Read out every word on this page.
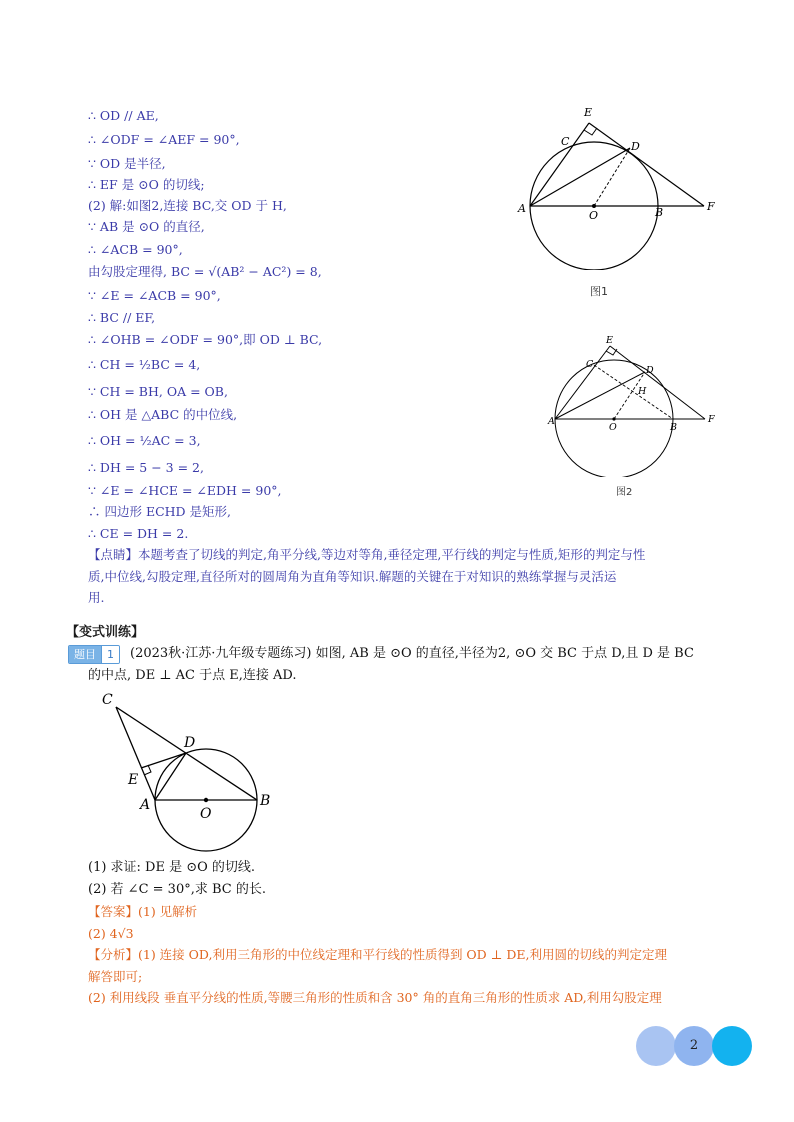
∴ OD // AE,
∴ ∠ODF = ∠AEF = 90°,
∵ OD 是半径,
∴ EF 是 ⊙O 的切线;
(2) 解:如图2,连接 BC,交 OD 于 H,
∵ AB 是 ⊙O 的直径,
∴ ∠ACB = 90°,
由勾股定理得, BC = √(AB² − AC²) = 8,
∵ ∠E = ∠ACB = 90°,
∴ BC // EF,
∴ ∠OHB = ∠ODF = 90°,即 OD ⊥ BC,
∴ CH = ½BC = 4,
∵ CH = BH, OA = OB,
∴ OH 是 △ABC 的中位线,
∴ OH = ½AC = 3,
∴ DH = 5 − 3 = 2,
∵ ∠E = ∠HCE = ∠EDH = 90°,
∴ 四边形 ECHD 是矩形,
∴ CE = DH = 2.
【点睛】本题考查了切线的判定,角平分线,等边对等角,垂径定理,平行线的判定与性质,矩形的判定与性
质,中位线,勾股定理,直径所对的圆周角为直角等知识.解题的关键在于对知识的熟练掌握与灵活运
用.
E
C	D
A
O	B	F
图1
E
C
D
H
A
O	B
F
图2
【变式训练】
题目	1	(2023秋·江苏·九年级专题练习) 如图, AB 是 ⊙O 的直径,半径为2, ⊙O 交 BC 于点 D,且 D 是 BC
的中点, DE ⊥ AC 于点 E,连接 AD.
C
D
E
A
O
B
(1) 求证: DE 是 ⊙O 的切线.
(2) 若 ∠C = 30°,求 BC 的长.
【答案】(1) 见解析
(2) 4√3
【分析】(1) 连接 OD,利用三角形的中位线定理和平行线的性质得到 OD ⊥ DE,利用圆的切线的判定定理
解答即可;
(2) 利用线段 垂直平分线的性质,等腰三角形的性质和含 30° 角的直角三角形的性质求 AD,利用勾股定理
2
